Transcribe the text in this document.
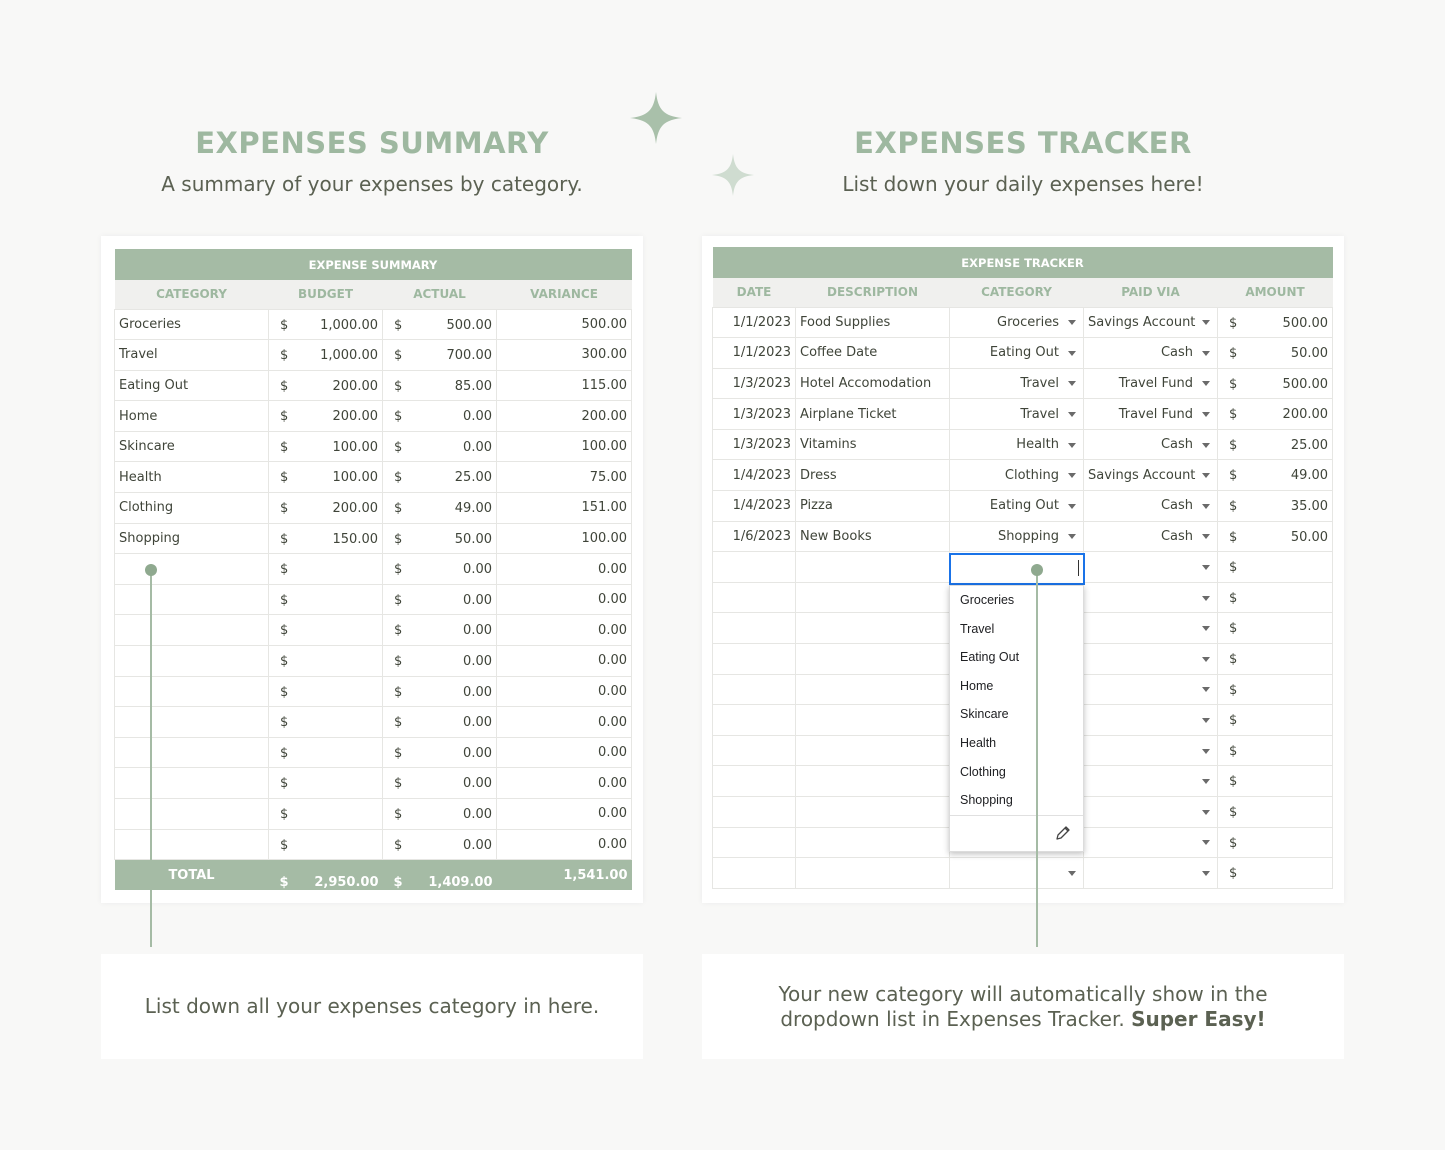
EXPENSES SUMMARY
A summary of your expenses by category.
EXPENSES TRACKER
List down your daily expenses here!
EXPENSE SUMMARY			
CATEGORY	BUDGET	ACTUAL	VARIANCE
Groceries	$ 1,000.00	$ 500.00	500.00
Travel	$ 1,000.00	$ 700.00	300.00
Eating Out	$ 200.00	$ 85.00	115.00
Home	$ 200.00	$ 0.00	200.00
Skincare	$ 100.00	$ 0.00	100.00
Health	$ 100.00	$ 25.00	75.00
Clothing	$ 200.00	$ 49.00	151.00
Shopping	$ 150.00	$ 50.00	100.00

	$	$ 0.00	0.00

	$	$ 0.00	0.00

	$	$ 0.00	0.00

	$	$ 0.00	0.00

	$	$ 0.00	0.00

	$	$ 0.00	0.00

	$	$ 0.00	0.00

	$	$ 0.00	0.00

	$	$ 0.00	0.00

	$	$ 0.00	0.00
TOTAL	$ 2,950.00	$ 1,409.00	1,541.00
EXPENSE TRACKER				
DATE	DESCRIPTION	CATEGORY	PAID VIA	AMOUNT
1/1/2023	Food Supplies	Groceries	Savings Account	$ 500.00

1/1/2023	Coffee Date	Eating Out	Cash	$ 50.00

1/3/2023	Hotel Accomodation	Travel	Travel Fund	$ 500.00

1/3/2023	Airplane Ticket	Travel	Travel Fund	$ 200.00

1/3/2023	Vitamins	Health	Cash	$ 25.00

1/4/2023	Dress	Clothing	Savings Account	$ 49.00

1/4/2023	Pizza	Eating Out	Cash	$ 35.00

1/6/2023	New Books	Shopping	Cash	$ 50.00

				$

				$

				$

				$

				$

				$

				$

				$

				$

				$

				$
Groceries
Travel
Eating Out
Home
Skincare
Health
Clothing
Shopping
List down all your expenses category in here.
Your new category will automatically show in the dropdown list in Expenses Tracker. Super Easy!
